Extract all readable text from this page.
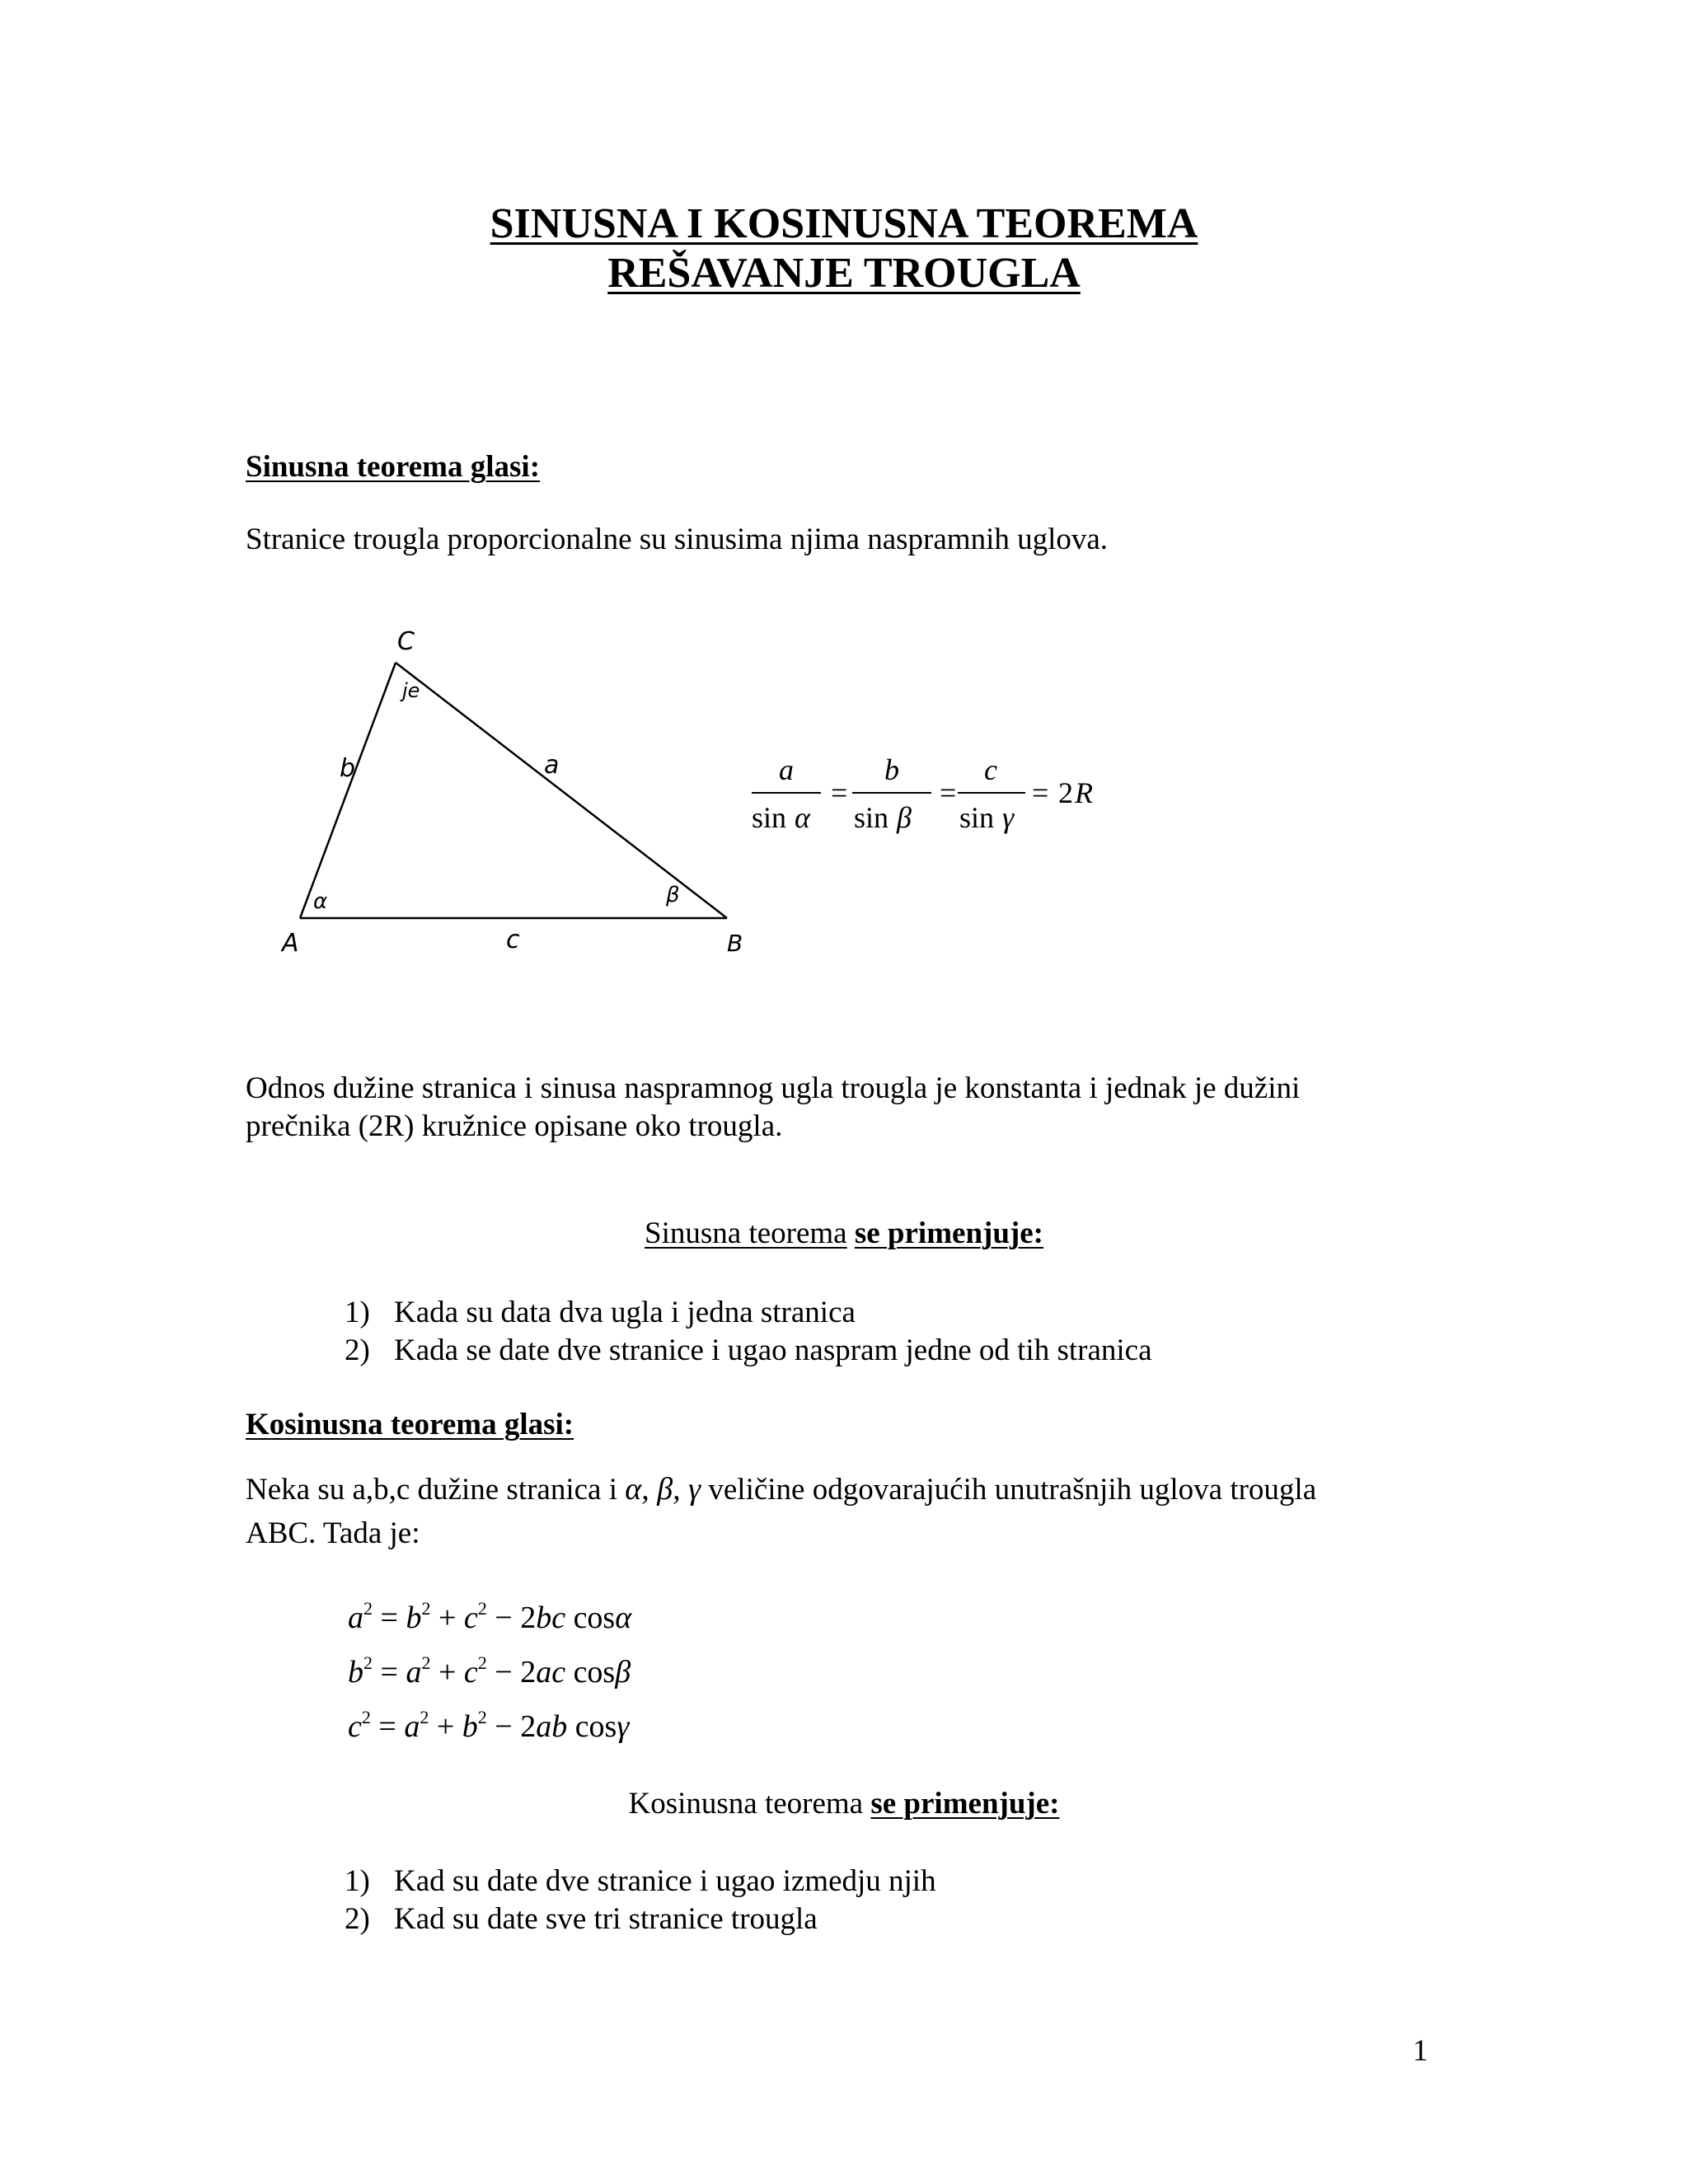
SINUSNA I KOSINUSNA TEOREMA
REŠAVANJE TROUGLA
Sinusna teorema glasi:
Stranice trougla proporcionalne su sinusima njima naspramnih uglova.
C
A	B
b	a
c
α	β
je
a
sin α
=
b
sin β
=
c
sin γ
= 2 R
Odnos dužine stranica i sinusa naspramnog ugla trougla je konstanta i jednak je dužini
prečnika (2R) kružnice opisane oko trougla.
Sinusna teorema se primenjuje:
1) Kada su data dva ugla i jedna stranica
2) Kada se date dve stranice i ugao naspram jedne od tih stranica
Kosinusna teorema glasi:
Neka su a,b,c dužine stranica i α, β, γ veličine odgovarajućih unutrašnjih uglova trougla
ABC. Tada je:
$a^2 = b^2 + c^2 - 2bc$ cosα
$b^2 = a^2 + c^2 - 2ac$ cosβ
$c^2 = a^2 + b^2 - 2ab$ cosγ
Kosinusna teorema se primenjuje:
1) Kad su date dve stranice i ugao izmedju njih
2) Kad su date sve tri stranice trougla
1
